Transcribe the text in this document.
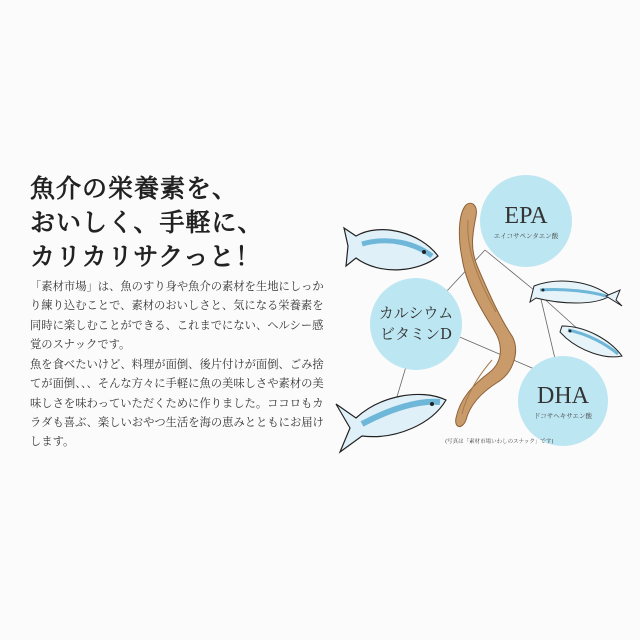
魚介の栄養素を、
おいしく、手軽に、
カリカリサクっと！

「素材市場」は、魚のすり身や魚介の素材を生地にしっかり練り込むことで、素材のおいしさと、気になる栄養素を同時に楽しむことができる、これまでにない、ヘルシー感覚のスナックです。

魚を食べたいけど、料理が面倒、後片付けが面倒、ごみ捨てが面倒、、、そんな方々に手軽に魚の美味しさや素材の美味しさを味わっていただくために作りました。ココロもカラダも喜ぶ、楽しいおやつ生活を海の恵みとともにお届けします。

EPA
エイコサペンタエン酸
カルシウム
ビタミンD
DHA
ドコサヘキサエン酸
(写真は「素材市場いわしのスナック」です)
